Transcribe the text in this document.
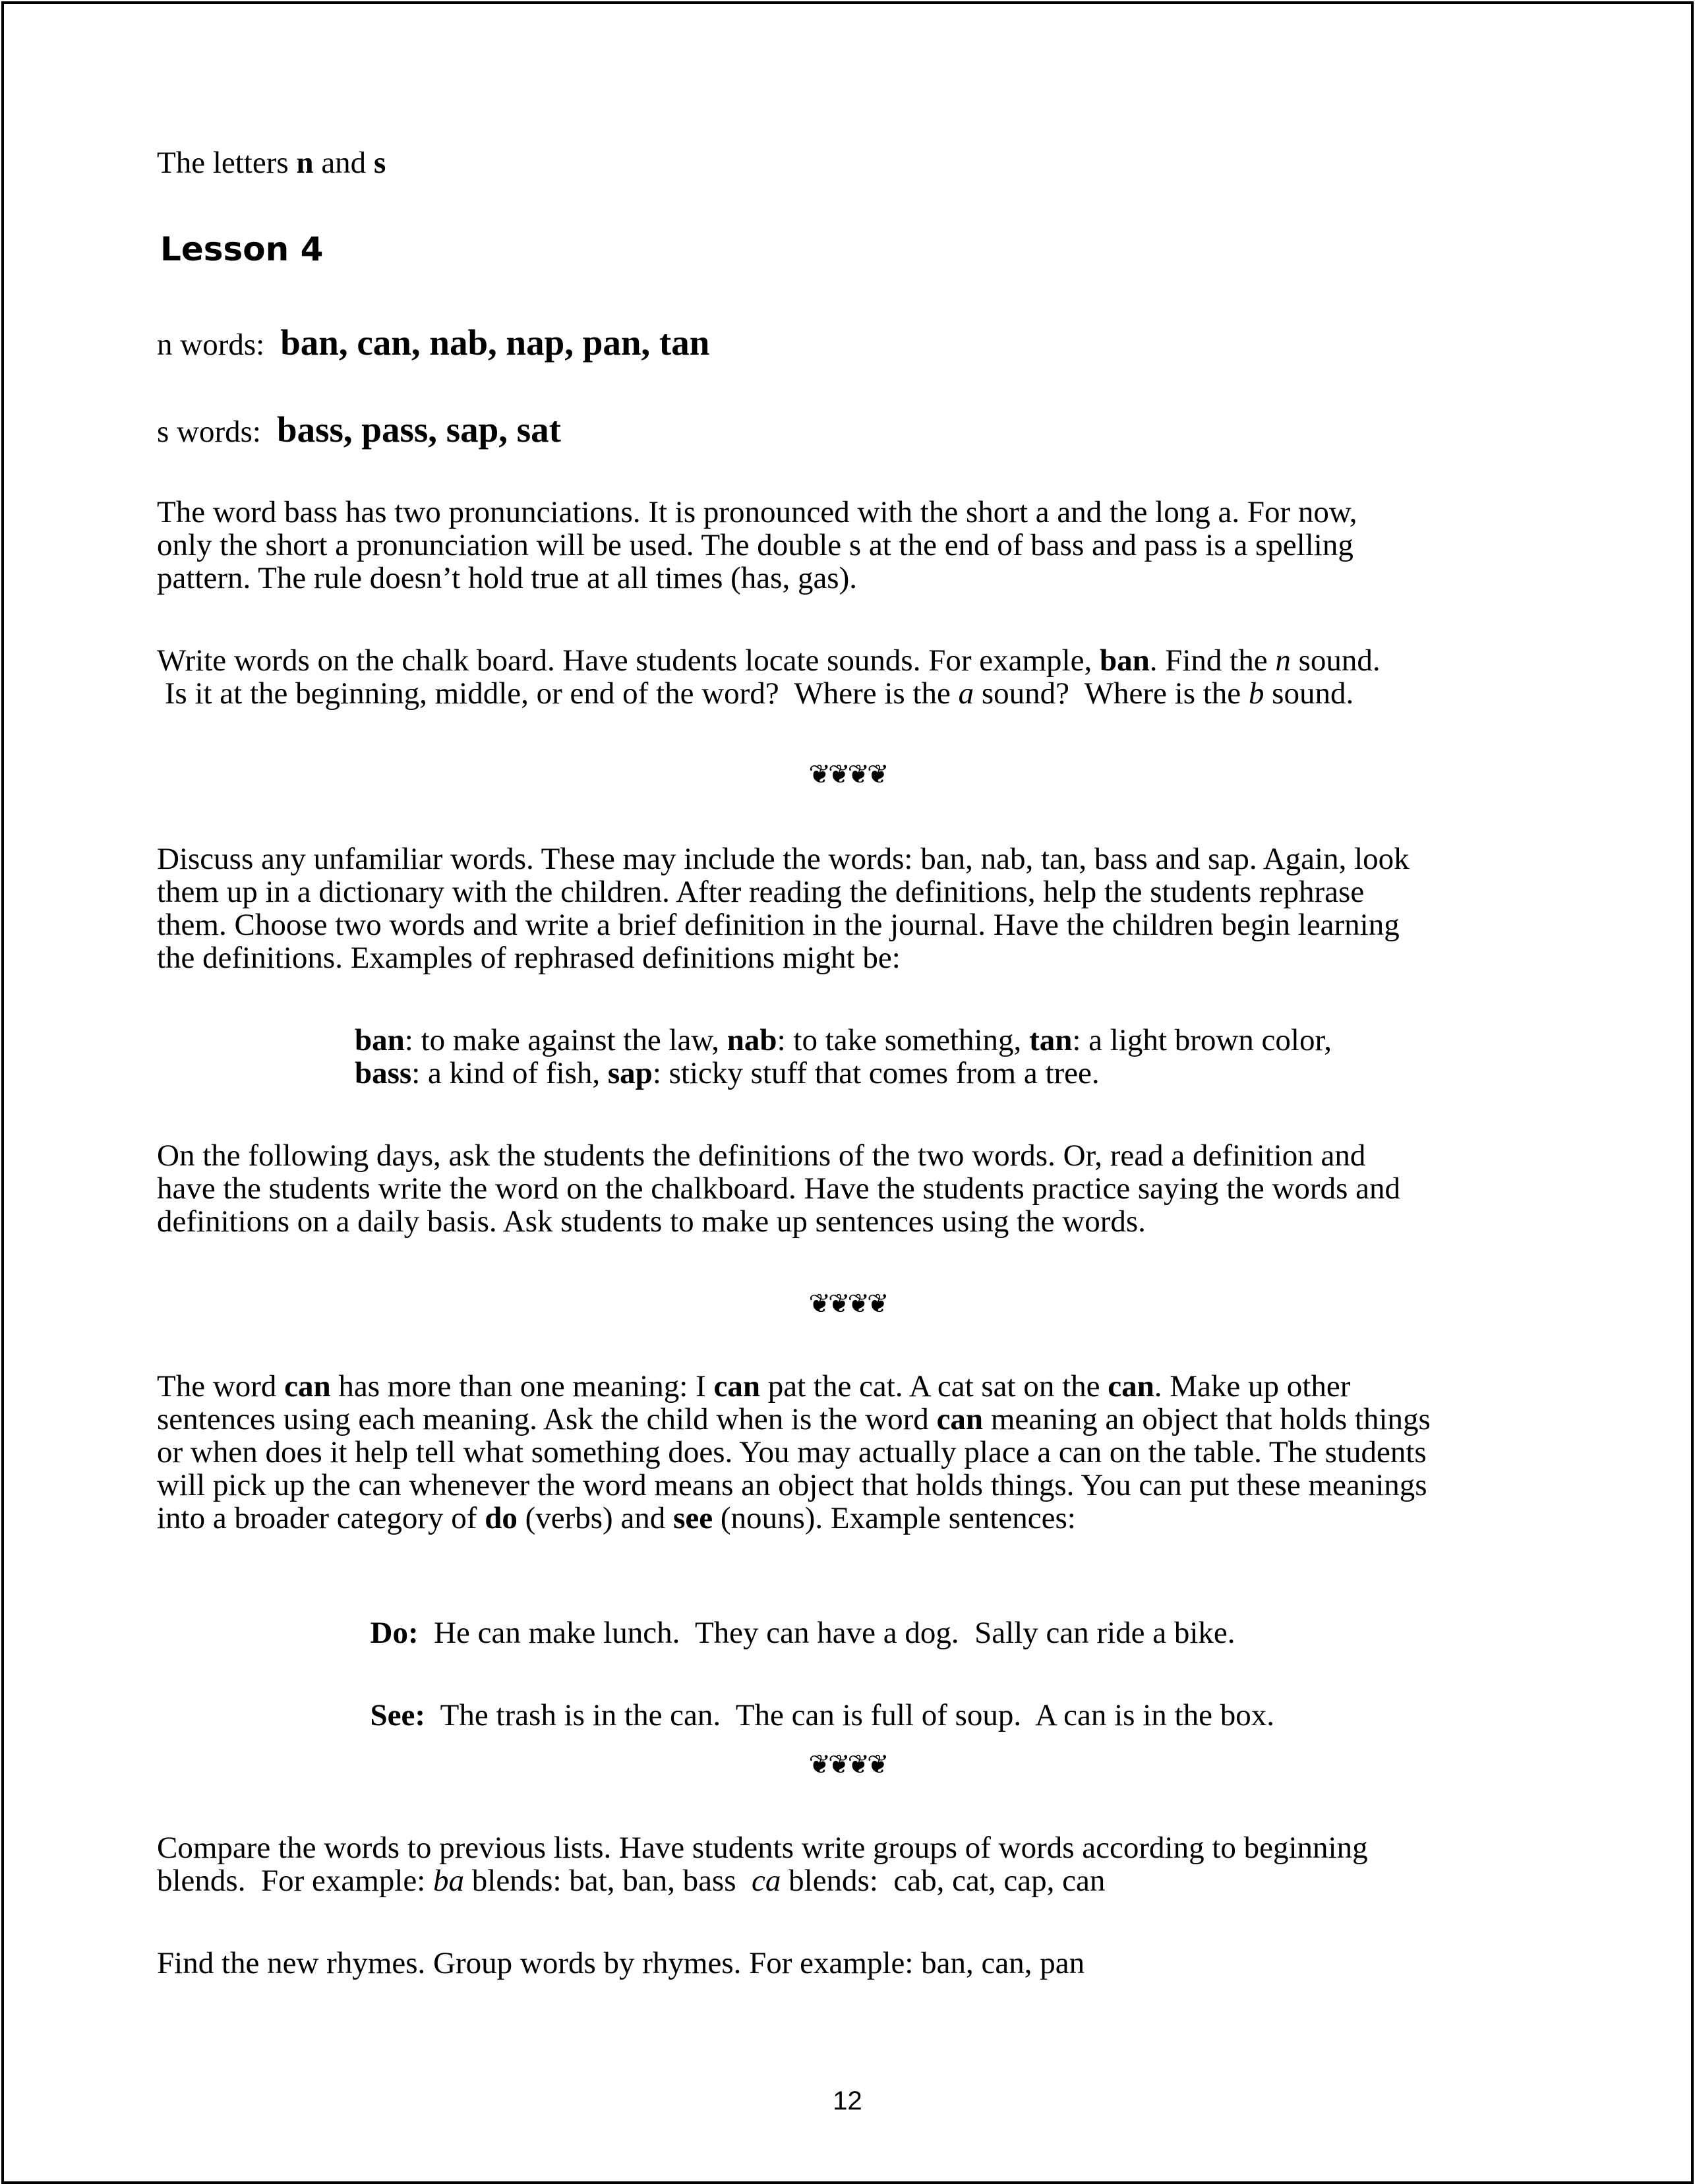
The letters n and s
Lesson 4
n words: ban, can, nab, nap, pan, tan
s words: bass, pass, sap, sat
The word bass has two pronunciations. It is pronounced with the short a and the long a. For now,
only the short a pronunciation will be used. The double s at the end of bass and pass is a spelling
pattern. The rule doesn’t hold true at all times (has, gas).
Write words on the chalk board. Have students locate sounds. For example, ban. Find the n sound.
Is it at the beginning, middle, or end of the word?  Where is the a sound?  Where is the b sound.
❦❦❦❦
Discuss any unfamiliar words. These may include the words: ban, nab, tan, bass and sap. Again, look
them up in a dictionary with the children. After reading the definitions, help the students rephrase
them. Choose two words and write a brief definition in the journal. Have the children begin learning
the definitions. Examples of rephrased definitions might be:
ban: to make against the law, nab: to take something, tan: a light brown color,
bass: a kind of fish, sap: sticky stuff that comes from a tree.
On the following days, ask the students the definitions of the two words. Or, read a definition and
have the students write the word on the chalkboard. Have the students practice saying the words and
definitions on a daily basis. Ask students to make up sentences using the words.
❦❦❦❦
The word can has more than one meaning: I can pat the cat. A cat sat on the can. Make up other
sentences using each meaning. Ask the child when is the word can meaning an object that holds things
or when does it help tell what something does. You may actually place a can on the table. The students
will pick up the can whenever the word means an object that holds things. You can put these meanings
into a broader category of do (verbs) and see (nouns). Example sentences:

Do:  He can make lunch.  They can have a dog.  Sally can ride a bike.

See:  The trash is in the can.  The can is full of soup.  A can is in the box.

❦❦❦❦
Compare the words to previous lists. Have students write groups of words according to beginning
blends.  For example: ba blends: bat, ban, bass  ca blends:  cab, cat, cap, can
Find the new rhymes. Group words by rhymes. For example: ban, can, pan
12
